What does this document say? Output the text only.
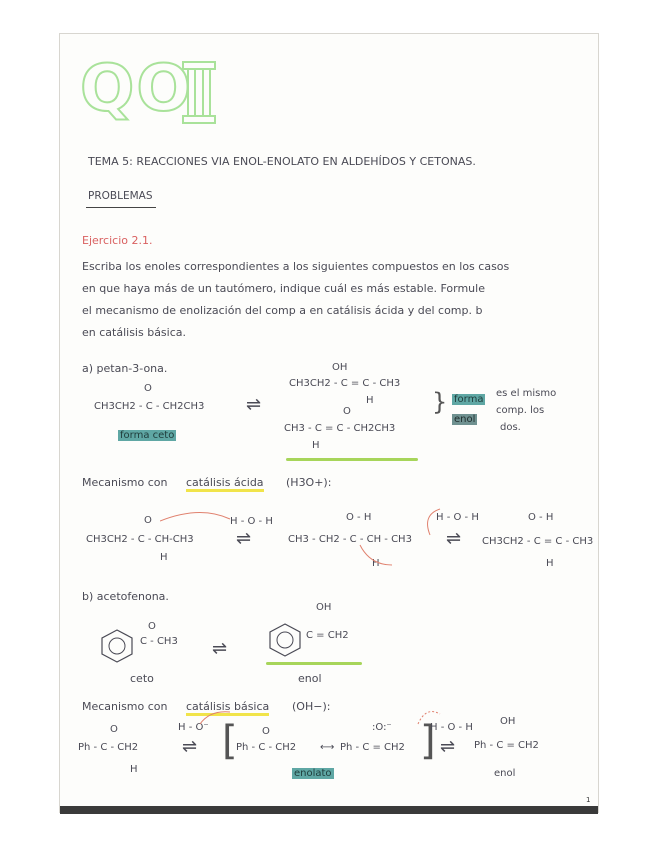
QO
TEMA 5: REACCIONES VIA ENOL-ENOLATO EN ALDEHÍDOS Y CETONAS.
PROBLEMAS
Ejercicio 2.1.
Escriba los enoles correspondientes a los siguientes compuestos en los casos
en que haya más de un tautómero, indique cuál es más estable. Formule
el mecanismo de enolización del comp a en catálisis ácida y del comp. b
en catálisis básica.
a) petan-3-ona.
O
CH3CH2 - C - CH2CH3 ⇌
OH
CH3CH2 - C = C - CH3
H
O
CH3 - C = C - CH2CH3
H
} forma
enol
es el mismo
comp. los
dos.
forma ceto
Mecanismo con catálisis ácida (H3O+):
O
CH3CH2 - C - CH-CH3
H
H - O - H
⇌
O - H
CH3 - CH2 - C - CH - CH3
H
H - O - H
⇌
O - H
CH3CH2 - C = C - CH3
H
b) acetofenona.
O
C - CH3 ⇌
OH
C = CH2
ceto	enol
Mecanismo con catálisis básica (OH−):
O
Ph - C - CH2
H
H - O⁻
⇌ [ O
Ph - C - CH2 ⟷
:O:⁻
Ph - C = CH2 ]
enolato
H - O - H
⇌
OH
Ph - C = CH2
enol
1
